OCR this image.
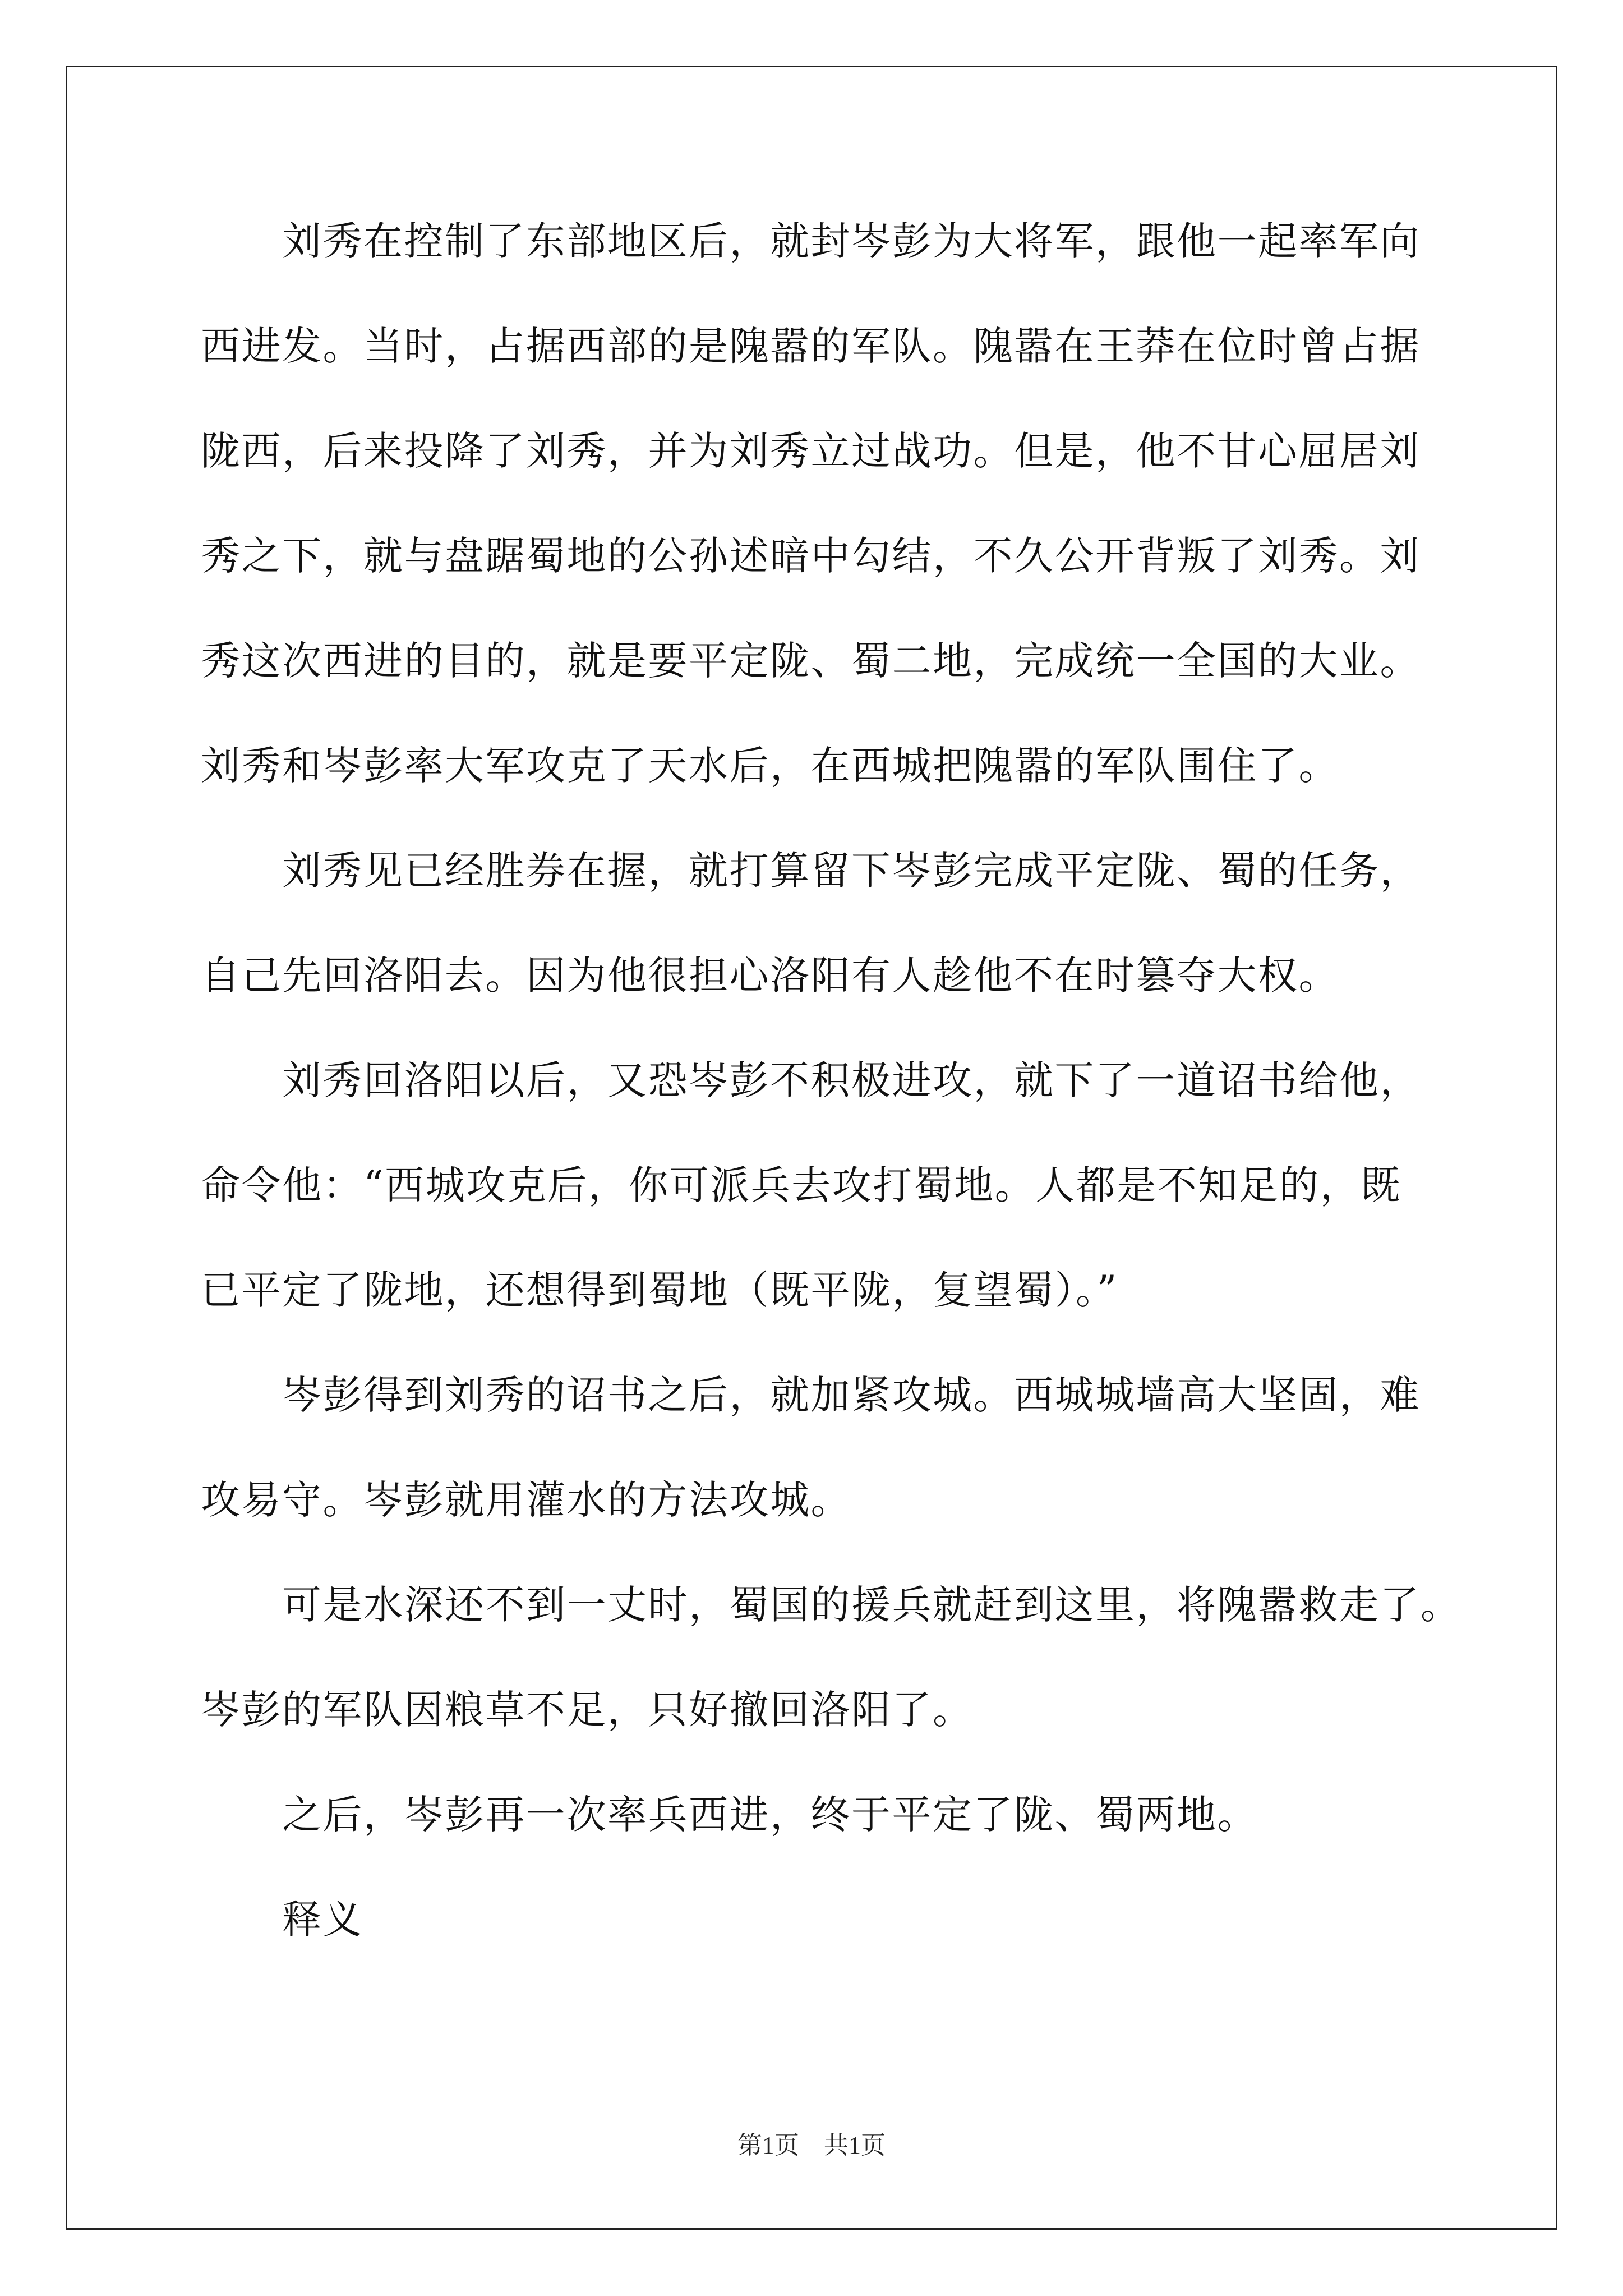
刘秀在控制了东部地区后，就封岑彭为大将军，跟他一起率军向
西进发。当时，占据西部的是隗嚣的军队。隗嚣在王莽在位时曾占据
陇西，后来投降了刘秀，并为刘秀立过战功。但是，他不甘心屈居刘
秀之下，就与盘踞蜀地的公孙述暗中勾结，不久公开背叛了刘秀。刘
秀这次西进的目的，就是要平定陇、蜀二地，完成统一全国的大业。
刘秀和岑彭率大军攻克了天水后，在西城把隗嚣的军队围住了。
刘秀见已经胜券在握，就打算留下岑彭完成平定陇、蜀的任务，
自己先回洛阳去。因为他很担心洛阳有人趁他不在时篡夺大权。
刘秀回洛阳以后，又恐岑彭不积极进攻，就下了一道诏书给他，
命令他：“西城攻克后，你可派兵去攻打蜀地。人都是不知足的，既
已平定了陇地，还想得到蜀地（既平陇，复望蜀）。”
岑彭得到刘秀的诏书之后，就加紧攻城。西城城墙高大坚固，难
攻易守。岑彭就用灌水的方法攻城。
可是水深还不到一丈时，蜀国的援兵就赶到这里，将隗嚣救走了。
岑彭的军队因粮草不足，只好撤回洛阳了。
之后，岑彭再一次率兵西进，终于平定了陇、蜀两地。
释义
第1页 共1页
